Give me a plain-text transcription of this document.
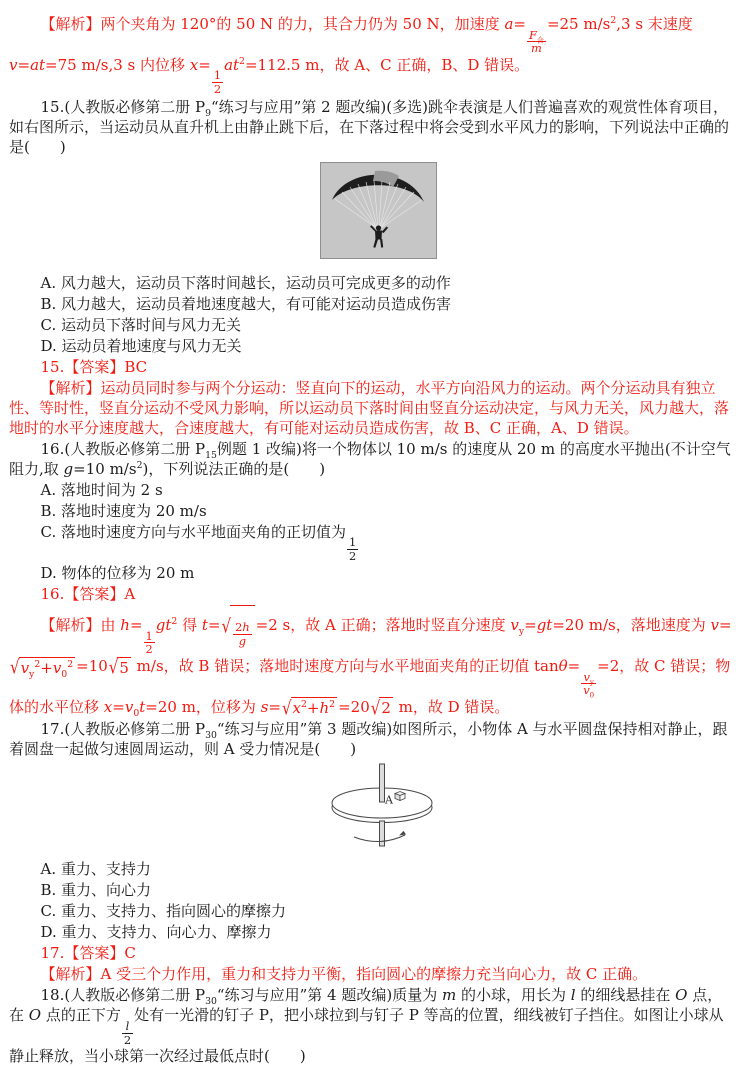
【解析】两个夹角为 120°的 50 N 的力，其合力仍为 50 N，加速度 a=
$\frac{F_合}{m}$
=25 $m/s^2,3$ s 末速度 v=at=75 m/s,3 s 内位移 x=
$\frac{1}{2}$
$at^2=112.5$ m，故 A、C 正确，B、D 错误。

15.(人教版必修第二册 $P_9“$练习与应用”第 2 题改编)(多选)跳伞表演是人们普遍喜欢的观赏性体育项目，如右图所示，当运动员从直升机上由静止跳下后，在下落过程中将会受到水平风力的影响，下列说法中正确的是(　　)

A. 风力越大，运动员下落时间越长，运动员可完成更多的动作

B. 风力越大，运动员着地速度越大，有可能对运动员造成伤害

C. 运动员下落时间与风力无关

D. 运动员着地速度与风力无关

15.【答案】BC

【解析】运动员同时参与两个分运动：竖直向下的运动，水平方向沿风力的运动。两个分运动具有独立性、等时性，竖直分运动不受风力影响，所以运动员下落时间由竖直分运动决定，与风力无关，风力越大，落地时的水平分速度越大，合速度越大，有可能对运动员造成伤害，故 B、C 正确，A、D 错误。

16.(人教版必修第二册 $P_{15}$例题 1 改编)将一个物体以 10 m/s 的速度从 20 m 的高度水平抛出(不计空气阻力,取 g=10 $m/s^2$)，下列说法正确的是(　　)

A. 落地时间为 2 s

B. 落地时速度为 20 m/s

C. 落地时速度方向与水平地面夹角的正切值为
$\frac{1}{2}$

D. 物体的位移为 20 m

16.【答案】A

【解析】由 h=
$\frac{1}{2}$
$gt^2$ 得 t= √ $\frac{2h}{g} =2$ s，故 A 正确；落地时竖直分速度 $v_y=gt=20$ m/s，落地速度为 v=
√ $v_y^2+v_0^2 =10$ √ 5 m/s，故 B 错误；落地时速度方向与水平地面夹角的正切值 tanθ=
$\frac{v_y}{v_0}$
=2，故 C 错误；物体的水平位移 $x=v_0t=20$ m，位移为 s= √ $x^2+h^2 =20$ √ 2 m，故 D 错误。

17.(人教版必修第二册 $P_{30}“$练习与应用”第 3 题改编)如图所示，小物体 A 与水平圆盘保持相对静止，跟着圆盘一起做匀速圆周运动，则 A 受力情况是(　　)

A

A. 重力、支持力

B. 重力、向心力

C. 重力、支持力、指向圆心的摩擦力

D. 重力、支持力、向心力、摩擦力

17.【答案】C

【解析】A 受三个力作用，重力和支持力平衡，指向圆心的摩擦力充当向心力，故 C 正确。

18.(人教版必修第二册 $P_{30}“$练习与应用”第 4 题改编)质量为 m 的小球，用长为 l 的细线悬挂在 O 点，在 O 点的正下方
$\frac{l}{2}$
处有一光滑的钉子 P，把小球拉到与钉子 P 等高的位置，细线被钉子挡住。如图让小球从静止释放，当小球第一次经过最低点时(　　)
